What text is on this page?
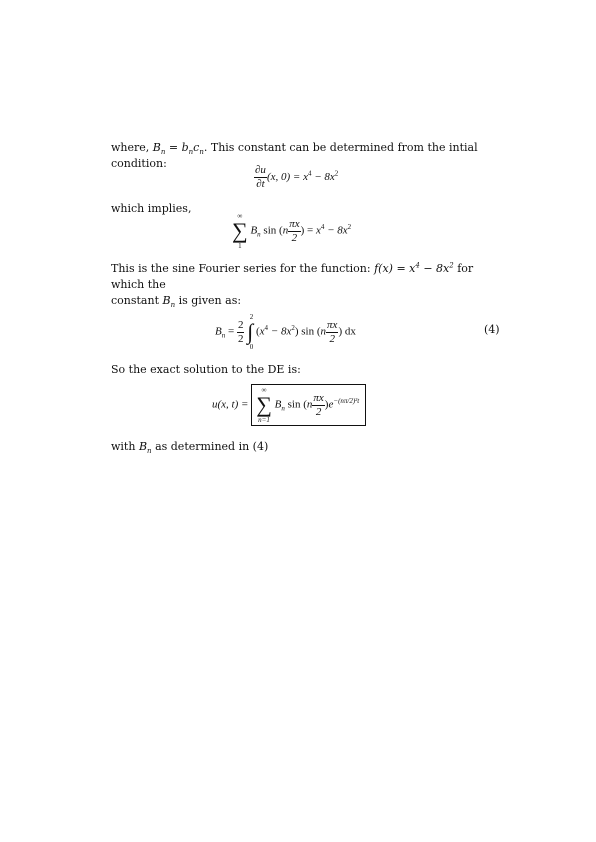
where, $B_n = b_nc_n$. This constant can be determined from the intial condition:
$\frac{\partial u}{\partial t} (x$, $0) = x^4 - 8x^2$
which implies,
∞
∑
1
$B_n$ $\sin (n \frac{\pi x}{2}$ ) = $x^4 - 8x^2$
This is the sine Fourier series for the function: $f(x) = x^4 - 8x^2$ for which the
constant $B_n$ is given as:
$B_n = \frac{2}{2}$

2
∫
0
$(x^4 - 8x^2)$ $\sin (n \frac{\pi x}{2}$ ) dx	(4)
So the exact solution to the DE is:
u(x, t) =
∞
∑
n=1
$B_n$ $\sin (n \frac{\pi x}{2} )e^{-(n\pi/2)^2t}$
with $B_n$ as determined in (4)
